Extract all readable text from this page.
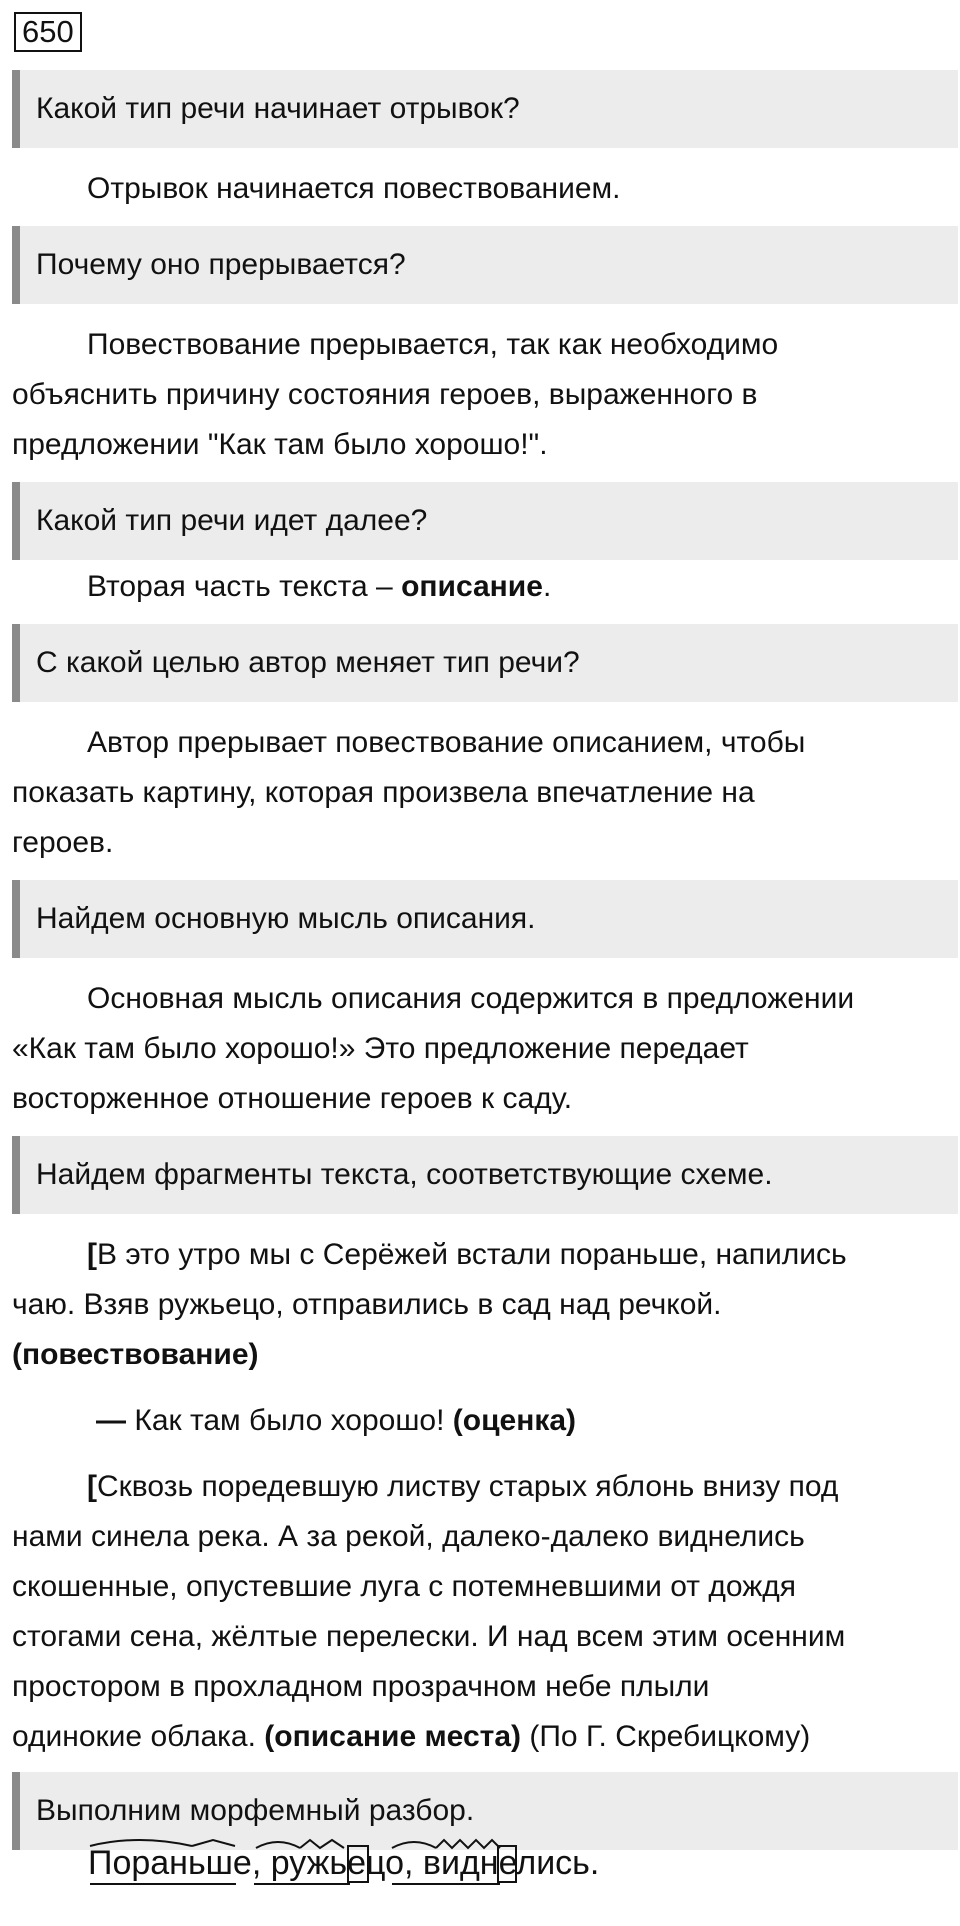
650
Какой тип речи начинает отрывок?
Отрывок начинается повествованием.
Почему оно прерывается?
Повествование прерывается, так как необходимо
объяснить причину состояния героев, выраженного в
предложении "Как там было хорошо!".
Какой тип речи идет далее?
Вторая часть текста – описание.
С какой целью автор меняет тип речи?
Автор прерывает повествование описанием, чтобы
показать картину, которая произвела впечатление на
героев.
Найдем основную мысль описания.
Основная мысль описания содержится в предложении
«Как там было хорошо!» Это предложение передает
восторженное отношение героев к саду.
Найдем фрагменты текста, соответствующие схеме.
[В это утро мы с Серёжей встали пораньше, напились
чаю. Взяв ружьецо, отправились в сад над речкой.
(повествование)
— Как там было хорошо! (оценка)
[Сквозь поредевшую листву старых яблонь внизу под
нами синела река. А за рекой, далеко-далеко виднелись
скошенные, опустевшие луга с потемневшими от дождя
стогами сена, жёлтые перелески. И над всем этим осенним
простором в прохладном прозрачном небе плыли
одинокие облака. (описание места) (По Г. Скребицкому)
Выполним морфемный разбор.
Пораньше, ружьецо, виднелись.
